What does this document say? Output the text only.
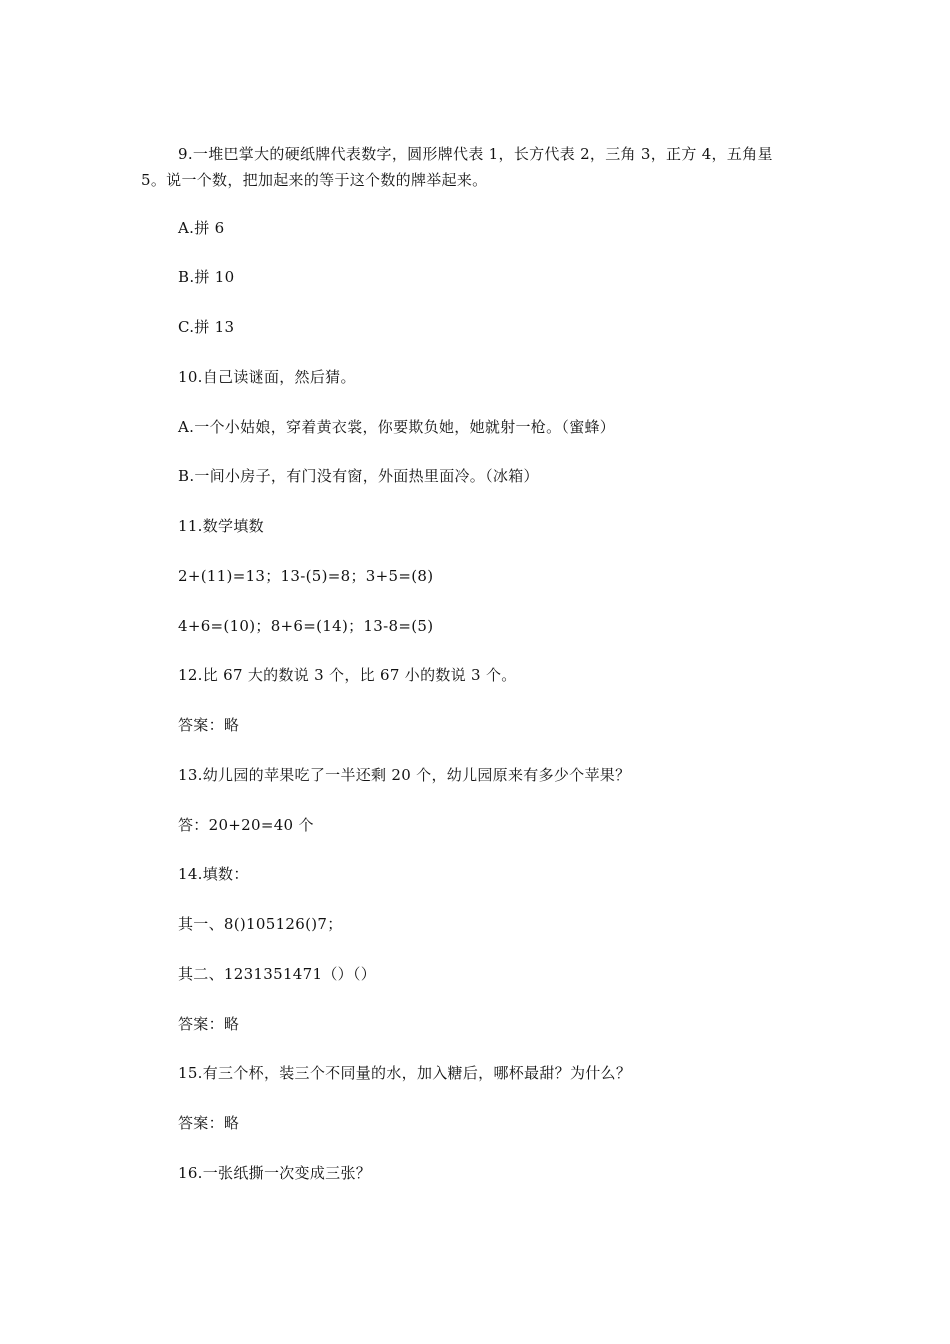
9.一堆巴掌大的硬纸牌代表数字，圆形牌代表 1，长方代表 2，三角 3，正方 4，五角星
5。说一个数，把加起来的等于这个数的牌举起来。
A.拼 6
B.拼 10
C.拼 13
10.自己读谜面，然后猜。
A.一个小姑娘，穿着黄衣裳，你要欺负她，她就射一枪。（蜜蜂）
B.一间小房子，有门没有窗，外面热里面冷。（冰箱）
11.数学填数
2+(11)=13；13-(5)=8；3+5=(8)
4+6=(10)；8+6=(14)；13-8=(5)
12.比 67 大的数说 3 个，比 67 小的数说 3 个。
答案：略
13.幼儿园的苹果吃了一半还剩 20 个，幼儿园原来有多少个苹果？
答：20+20=40 个
14.填数：
其一、8()105126()7；
其二、1231351471（）（）
答案：略
15.有三个杯，装三个不同量的水，加入糖后，哪杯最甜？为什么？
答案：略
16.一张纸撕一次变成三张？
